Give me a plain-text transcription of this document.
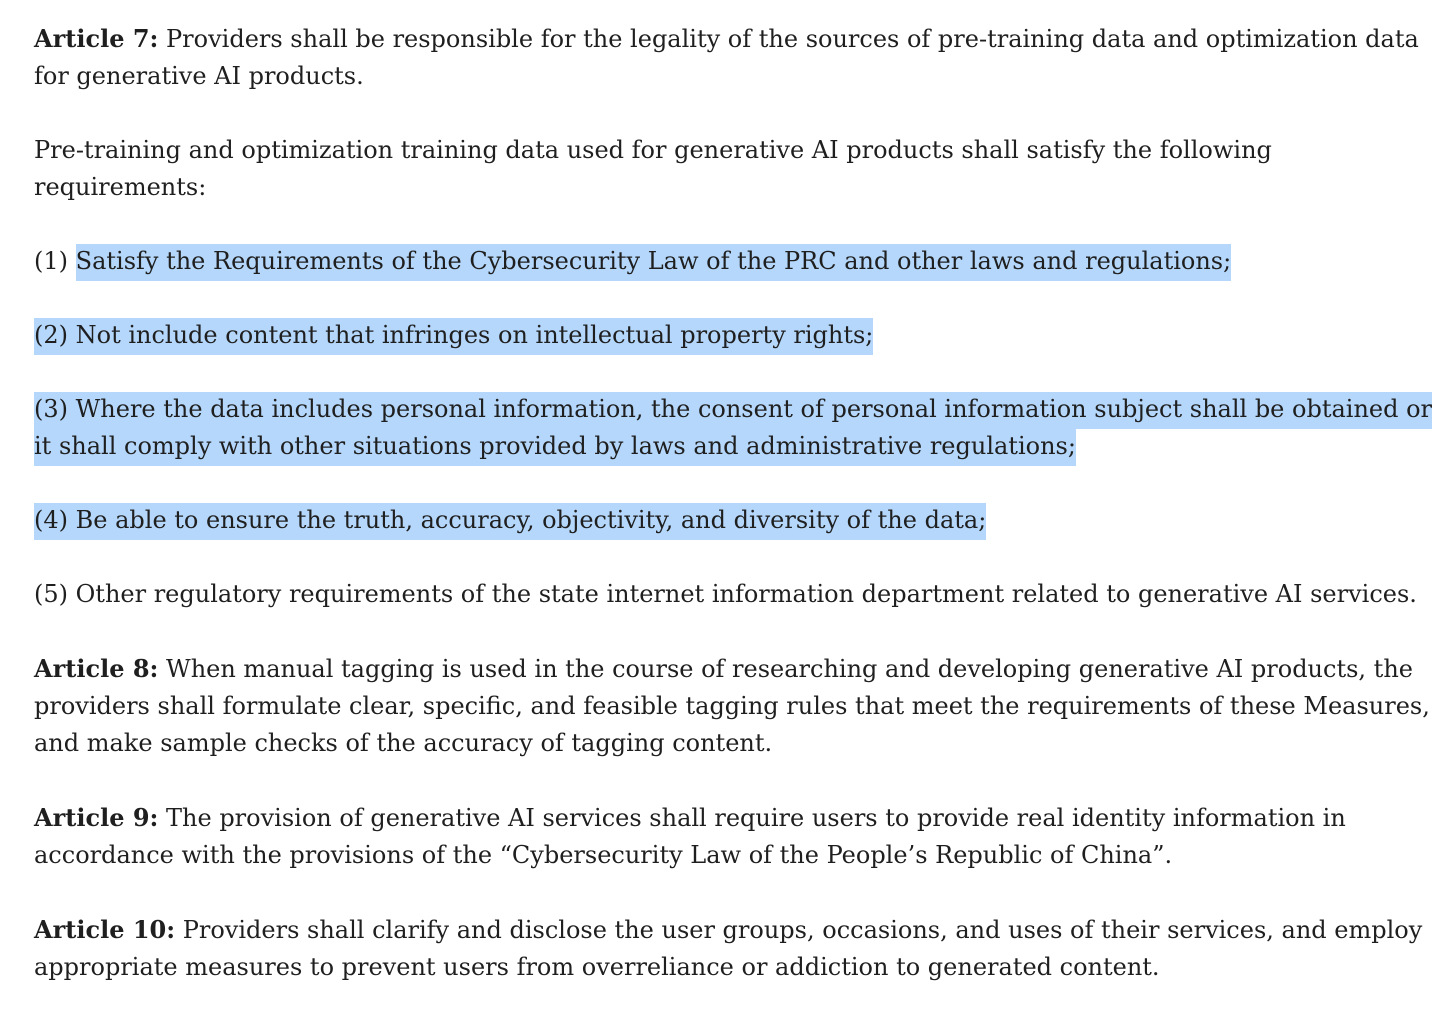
Article 7: Providers shall be responsible for the legality of the sources of pre-training data and optimization data for generative AI products.

Pre-training and optimization training data used for generative AI products shall satisfy the following requirements:

(1) Satisfy the Requirements of the Cybersecurity Law of the PRC and other laws and regulations;

(2) Not include content that infringes on intellectual property rights;

(3) Where the data includes personal information, the consent of personal information subject shall be obtained or it shall comply with other situations provided by laws and administrative regulations;

(4) Be able to ensure the truth, accuracy, objectivity, and diversity of the data;

(5) Other regulatory requirements of the state internet information department related to generative AI services.

Article 8: When manual tagging is used in the course of researching and developing generative AI products, the providers shall formulate clear, specific, and feasible tagging rules that meet the requirements of these Measures, and make sample checks of the accuracy of tagging content.

Article 9: The provision of generative AI services shall require users to provide real identity information in accordance with the provisions of the “Cybersecurity Law of the People’s Republic of China”.

Article 10: Providers shall clarify and disclose the user groups, occasions, and uses of their services, and employ appropriate measures to prevent users from overreliance or addiction to generated content.
